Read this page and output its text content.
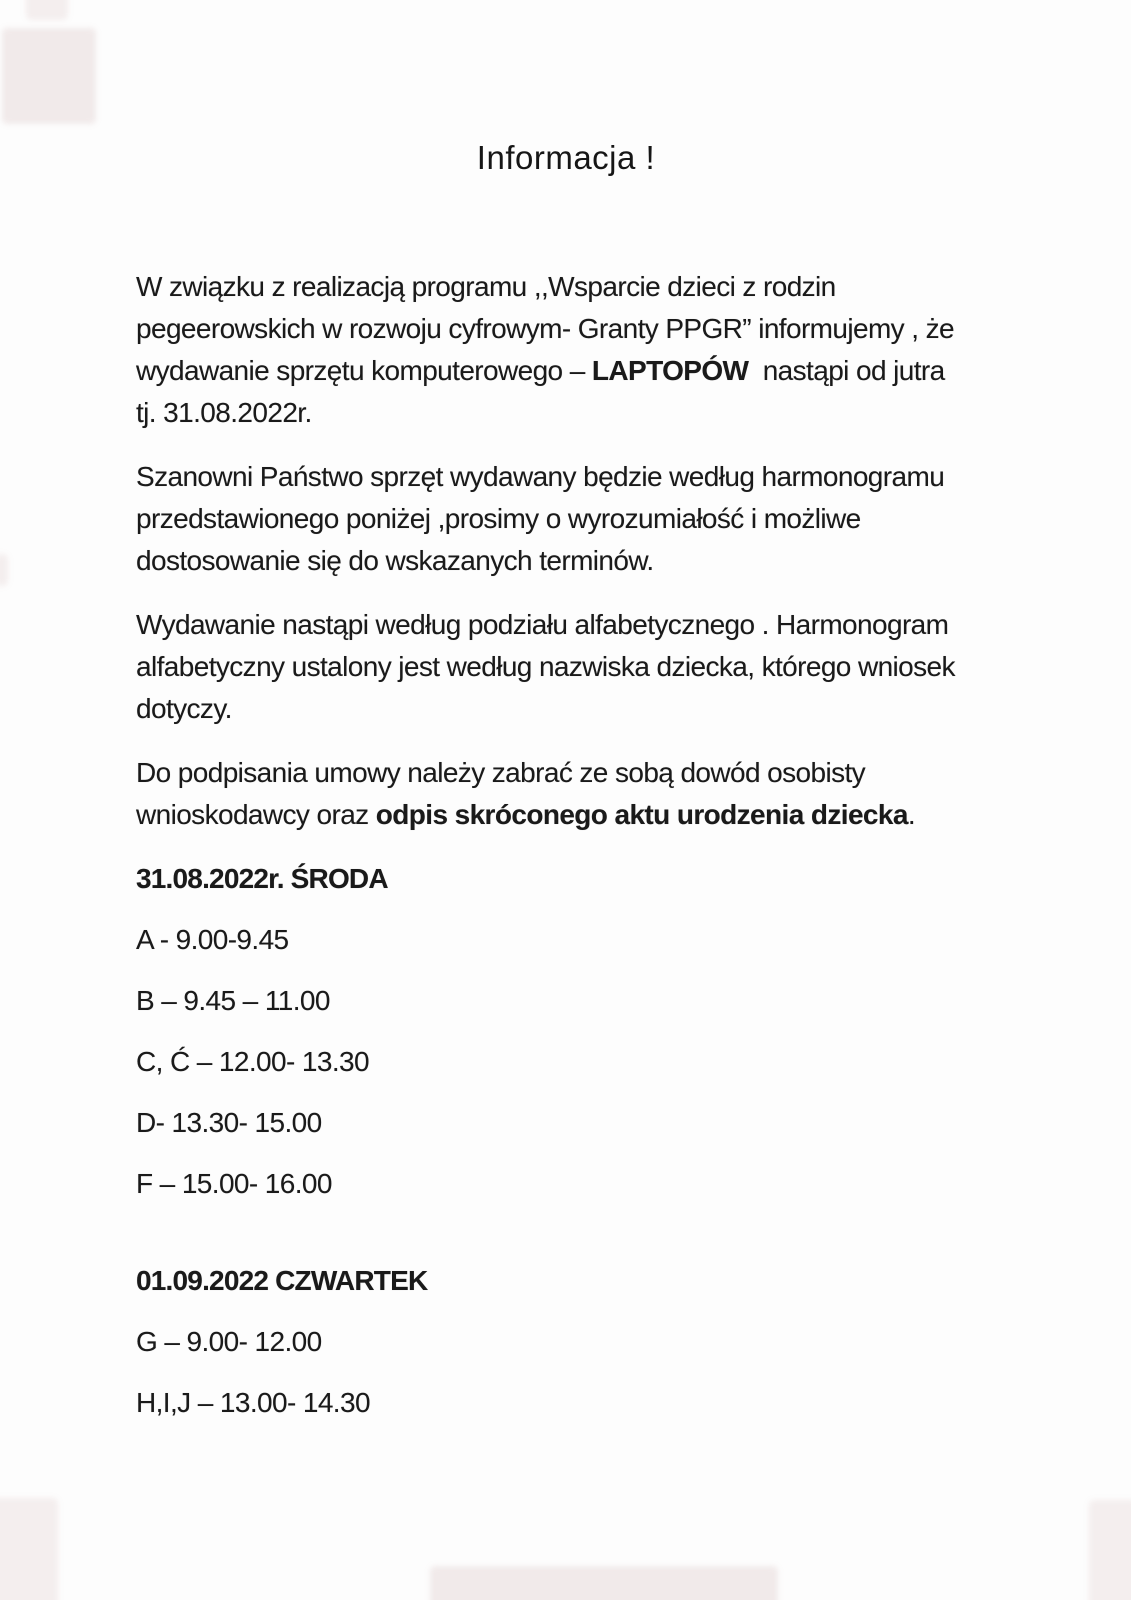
Informacja !
W związku z realizacją programu ,,Wsparcie dzieci z rodzin
pegeerowskich w rozwoju cyfrowym- Granty PPGR” informujemy , że
wydawanie sprzętu komputerowego – LAPTOPÓW  nastąpi od jutra
tj. 31.08.2022r.
Szanowni Państwo sprzęt wydawany będzie według harmonogramu
przedstawionego poniżej ,prosimy o wyrozumiałość i możliwe
dostosowanie się do wskazanych terminów.
Wydawanie nastąpi według podziału alfabetycznego . Harmonogram
alfabetyczny ustalony jest według nazwiska dziecka, którego wniosek
dotyczy.
Do podpisania umowy należy zabrać ze sobą dowód osobisty
wnioskodawcy oraz odpis skróconego aktu urodzenia dziecka.
31.08.2022r. ŚRODA
A - 9.00-9.45
B – 9.45 – 11.00
C, Ć – 12.00- 13.30
D- 13.30- 15.00
F – 15.00- 16.00
01.09.2022 CZWARTEK
G – 9.00- 12.00
H,I,J – 13.00- 14.30
